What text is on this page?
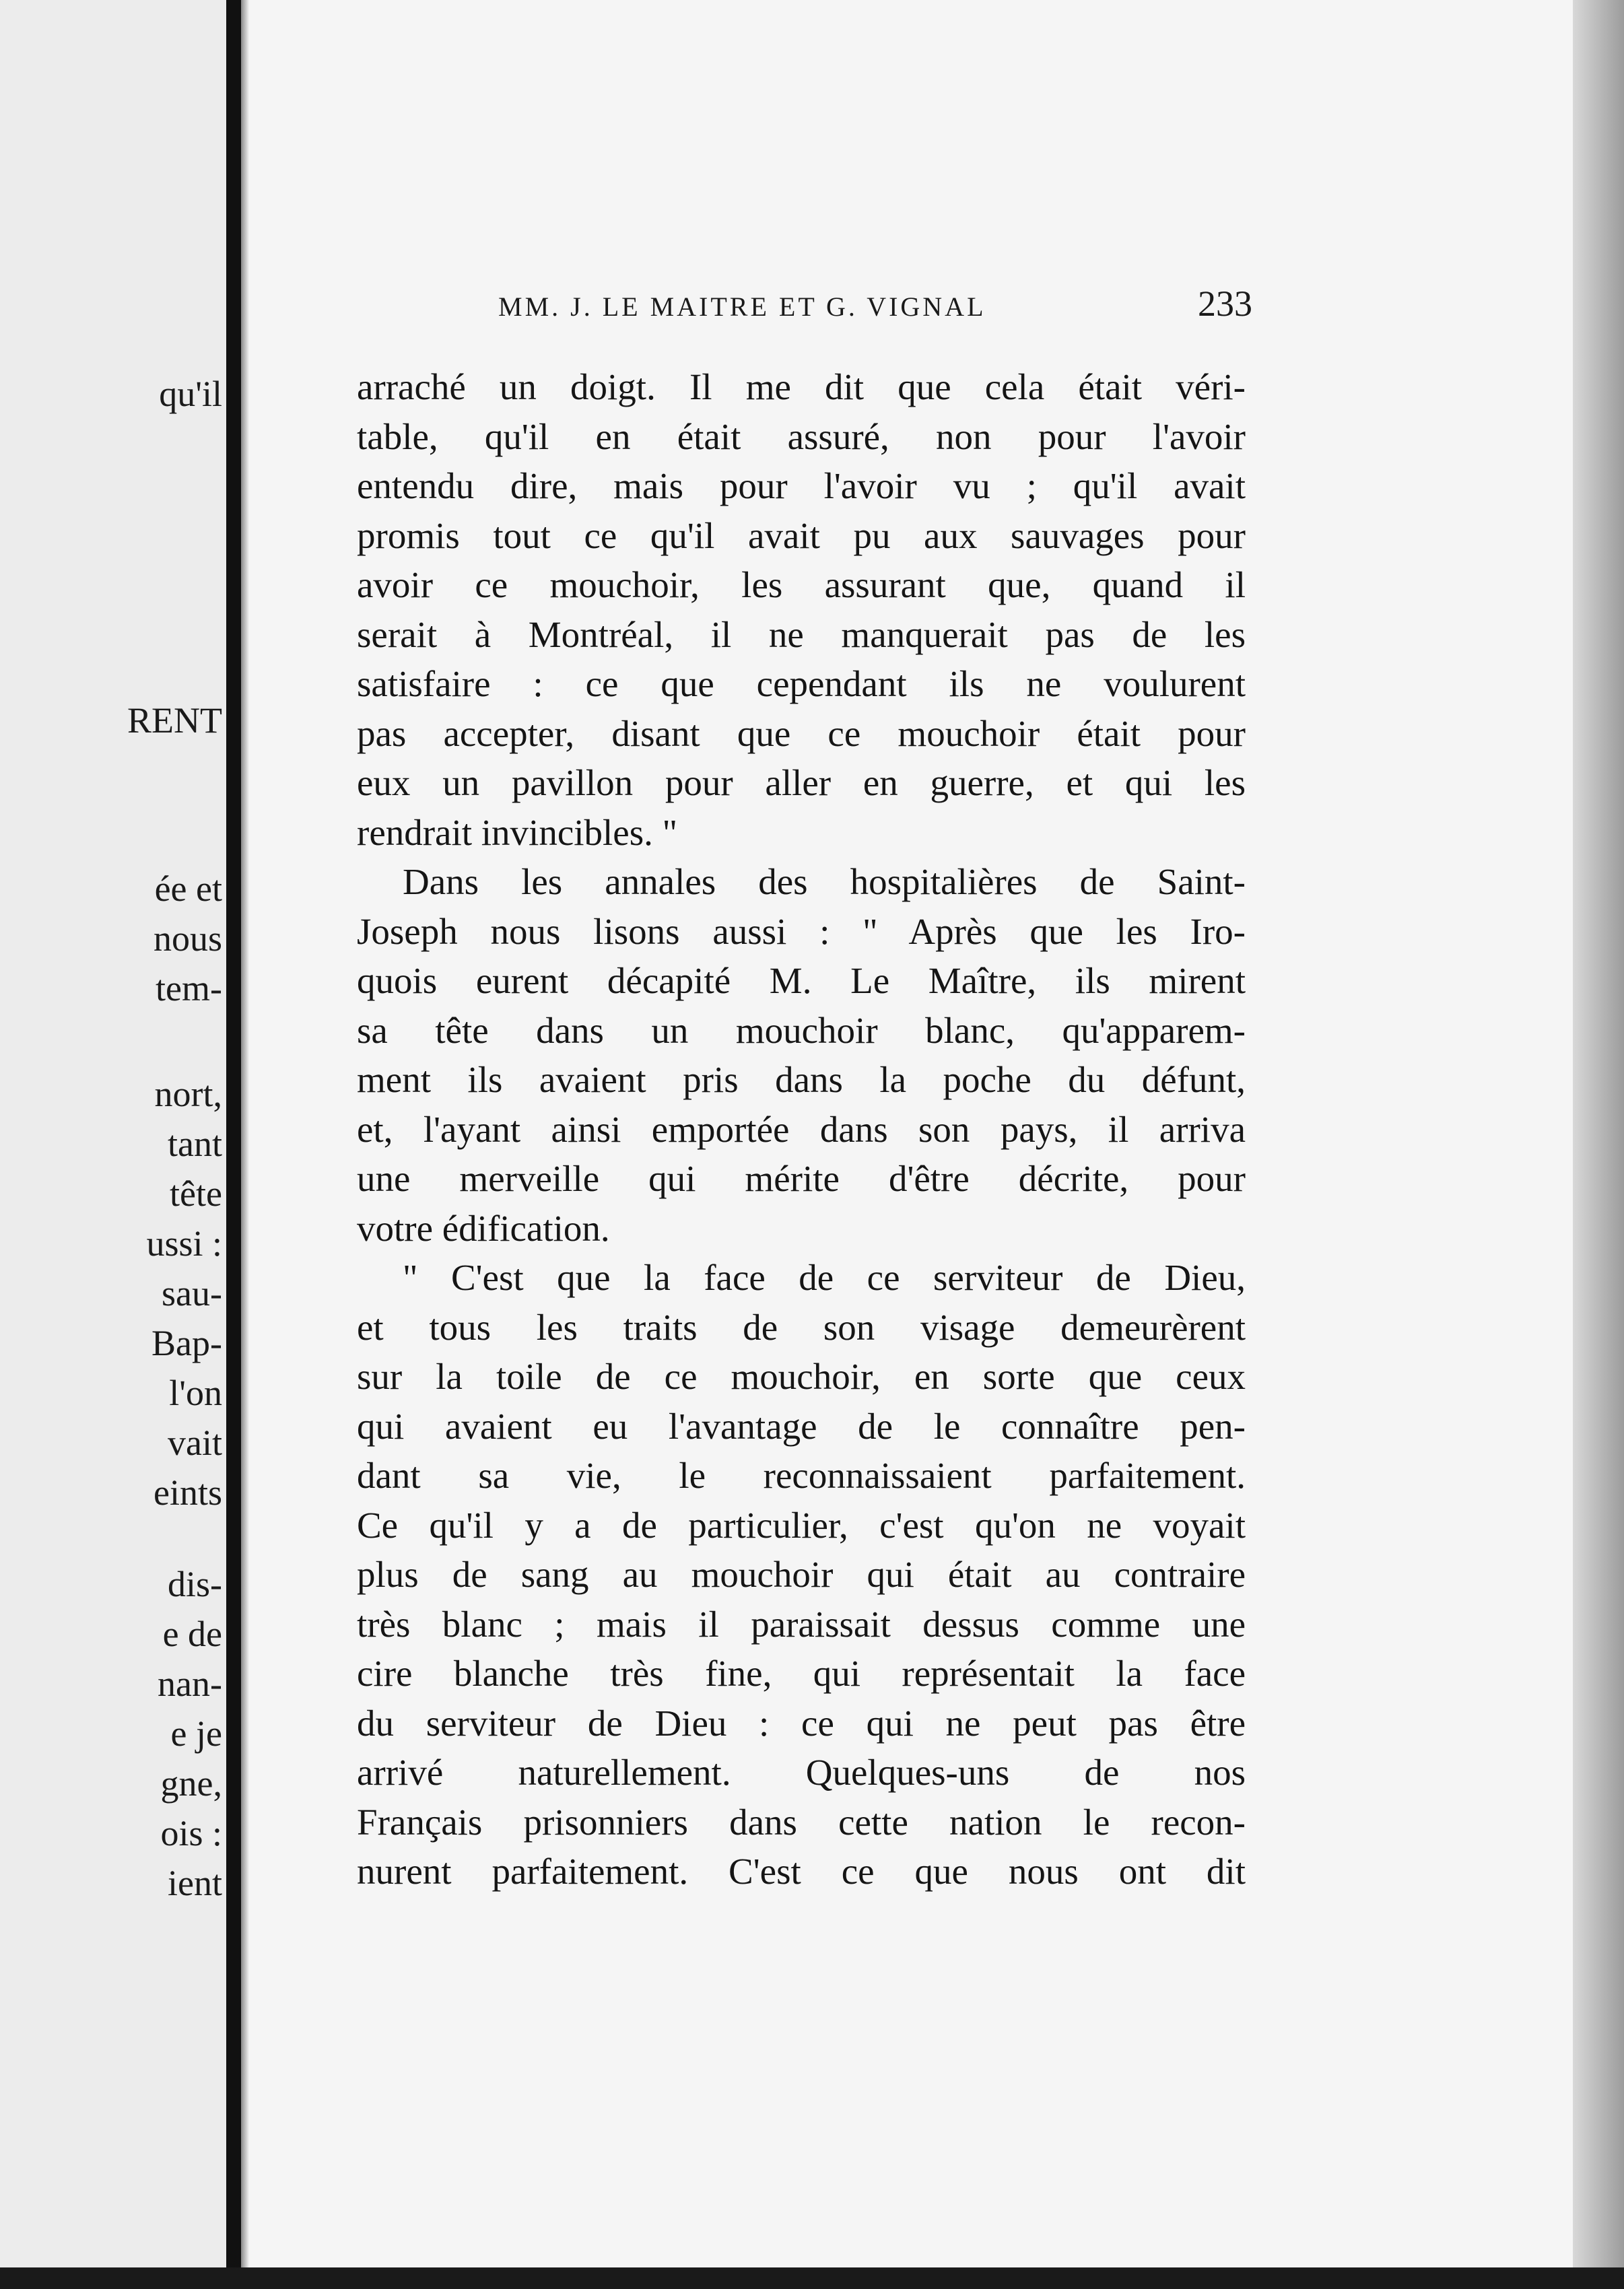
qu'il
RENT
ée et
nous
tem-
nort,
tant
tête
ussi :
sau-
Bap-
l'on
vait
eints
dis-
e de
nan-
e je
gne,
ois :
ient
MM. J. LE MAITRE ET G. VIGNAL	233
arraché un doigt. Il me dit que cela était véri-
table, qu'il en était assuré, non pour l'avoir
entendu dire, mais pour l'avoir vu ; qu'il avait
promis tout ce qu'il avait pu aux sauvages pour
avoir ce mouchoir, les assurant que, quand il
serait à Montréal, il ne manquerait pas de les
satisfaire : ce que cependant ils ne voulurent
pas accepter, disant que ce mouchoir était pour
eux un pavillon pour aller en guerre, et qui les
rendrait invincibles. "
Dans les annales des hospitalières de Saint-
Joseph nous lisons aussi : " Après que les Iro-
quois eurent décapité M. Le Maître, ils mirent
sa tête dans un mouchoir blanc, qu'apparem-
ment ils avaient pris dans la poche du défunt,
et, l'ayant ainsi emportée dans son pays, il arriva
une merveille qui mérite d'être décrite, pour
votre édification.
" C'est que la face de ce serviteur de Dieu,
et tous les traits de son visage demeurèrent
sur la toile de ce mouchoir, en sorte que ceux
qui avaient eu l'avantage de le connaître pen-
dant sa vie, le reconnaissaient parfaitement.
Ce qu'il y a de particulier, c'est qu'on ne voyait
plus de sang au mouchoir qui était au contraire
très blanc ; mais il paraissait dessus comme une
cire blanche très fine, qui représentait la face
du serviteur de Dieu : ce qui ne peut pas être
arrivé naturellement. Quelques-uns de nos
Français prisonniers dans cette nation le recon-
nurent parfaitement. C'est ce que nous ont dit
